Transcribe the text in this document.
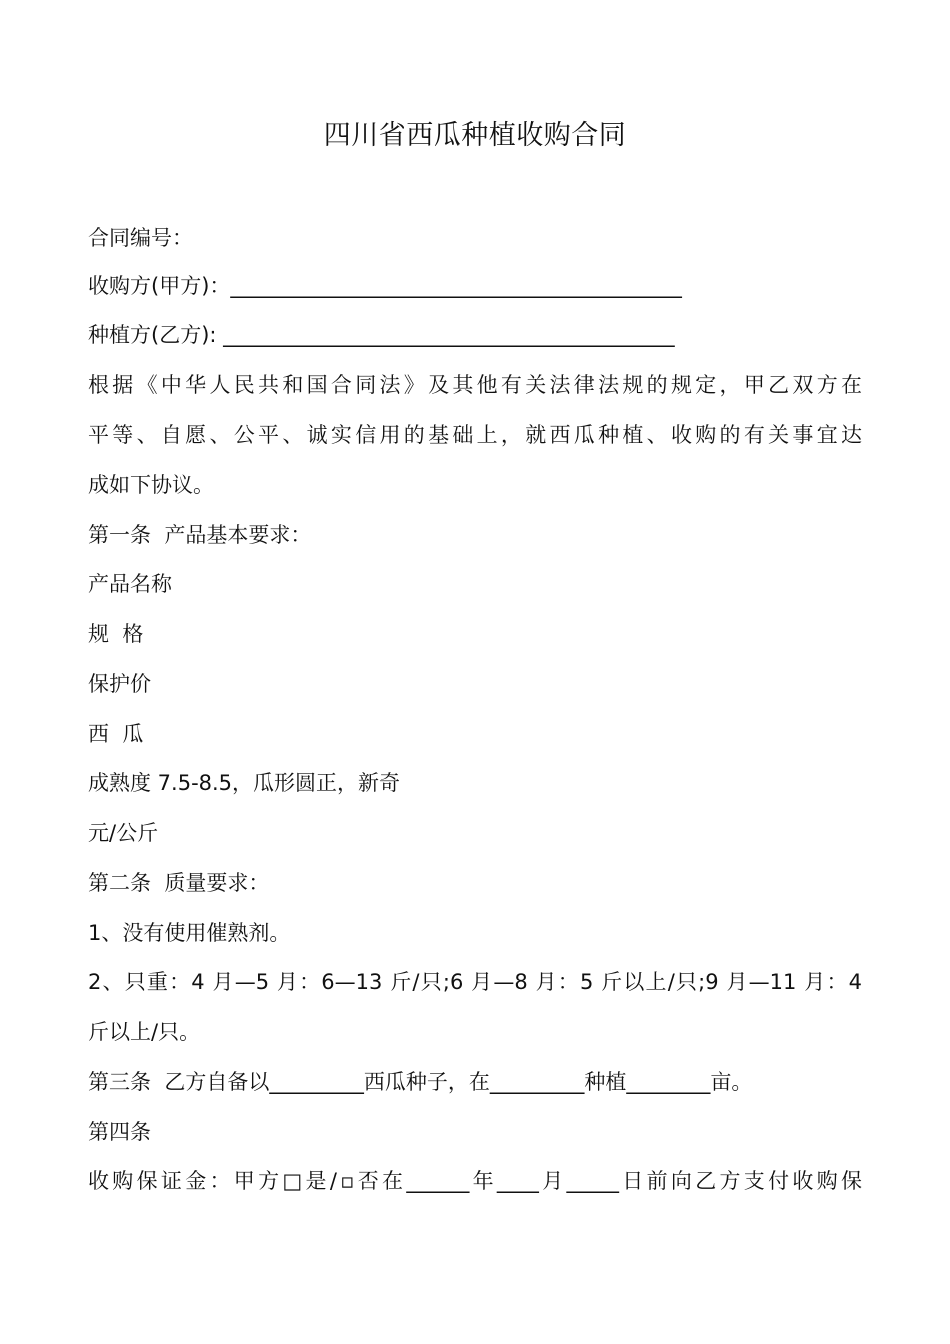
四川省西瓜种植收购合同
合同编号：
收购方(甲方)：___________________________________________
种植方(乙方): ___________________________________________
根据《中华人民共和国合同法》及其他有关法律法规的规定，甲乙双方在
平等、自愿、公平、诚实信用的基础上，就西瓜种植、收购的有关事宜达
成如下协议。
第一条  产品基本要求：
产品名称
规  格
保护价
西  瓜
成熟度 7.5-8.5，瓜形圆正，新奇
元/公斤
第二条  质量要求：
1、没有使用催熟剂。
2、只重：4 月—5 月：6—13 斤/只;6 月—8 月：5 斤以上/只;9 月—11 月：4
斤以上/只。
第三条  乙方自备以_________西瓜种子，在_________种植________亩。
第四条
收购保证金：甲方□是/▫否在______年____月_____日前向乙方支付收购保
